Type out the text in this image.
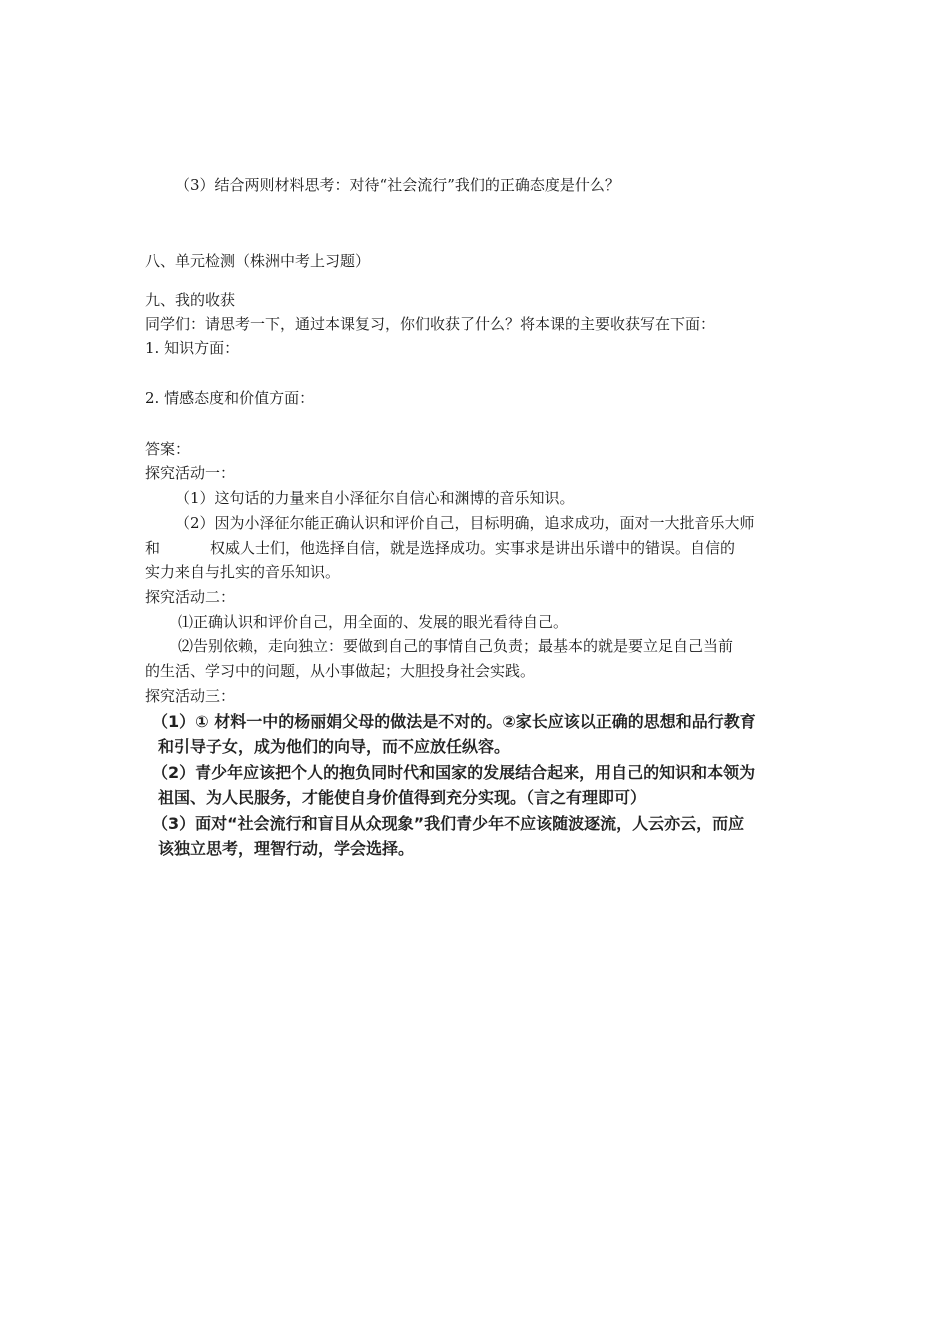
（3）结合两则材料思考：对待“社会流行”我们的正确态度是什么？
八、单元检测（株洲中考上习题）
九、我的收获
同学们：请思考一下，通过本课复习，你们收获了什么？将本课的主要收获写在下面：
1. 知识方面：
2. 情感态度和价值方面：
答案：
探究活动一：
（1）这句话的力量来自小泽征尔自信心和渊博的音乐知识。
（2）因为小泽征尔能正确认识和评价自己，目标明确，追求成功，面对一大批音乐大师
和	权威人士们，他选择自信，就是选择成功。实事求是讲出乐谱中的错误。自信的
实力来自与扎实的音乐知识。
探究活动二：
⑴正确认识和评价自己，用全面的、发展的眼光看待自己。
⑵告别依赖，走向独立：要做到自己的事情自己负责；最基本的就是要立足自己当前
的生活、学习中的问题，从小事做起；大胆投身社会实践。
探究活动三：
（1）① 材料一中的杨丽娟父母的做法是不对的。②家长应该以正确的思想和品行教育
和引导子女，成为他们的向导，而不应放任纵容。
（2）青少年应该把个人的抱负同时代和国家的发展结合起来，用自己的知识和本领为
祖国、为人民服务，才能使自身价值得到充分实现。（言之有理即可）
（3）面对“社会流行和盲目从众现象”我们青少年不应该随波逐流，人云亦云，而应
该独立思考，理智行动，学会选择。
